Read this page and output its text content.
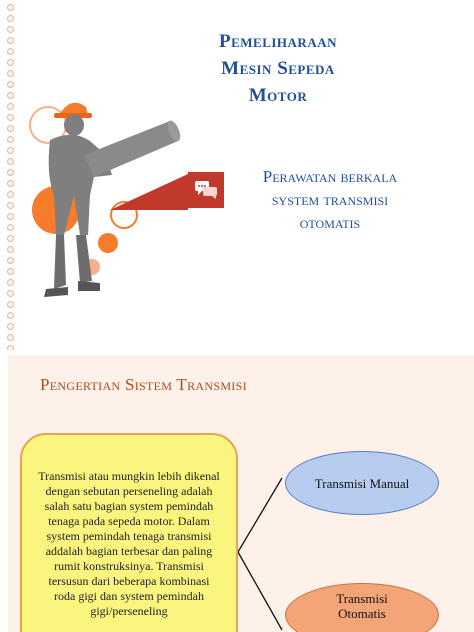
Pemeliharaan
Mesin Sepeda
Motor
Perawatan berkala
system transmisi
otomatis
Pengertian Sistem Transmisi
Transmisi atau mungkin lebih dikenal dengan sebutan perseneling adalah salah satu bagian system pemindah tenaga pada sepeda motor. Dalam system pemindah tenaga transmisi addalah bagian terbesar dan paling rumit konstruksinya. Transmisi tersusun dari beberapa kombinasi roda gigi dan system pemindah gigi/perseneling
Transmisi Manual
Transmisi Otomatis
